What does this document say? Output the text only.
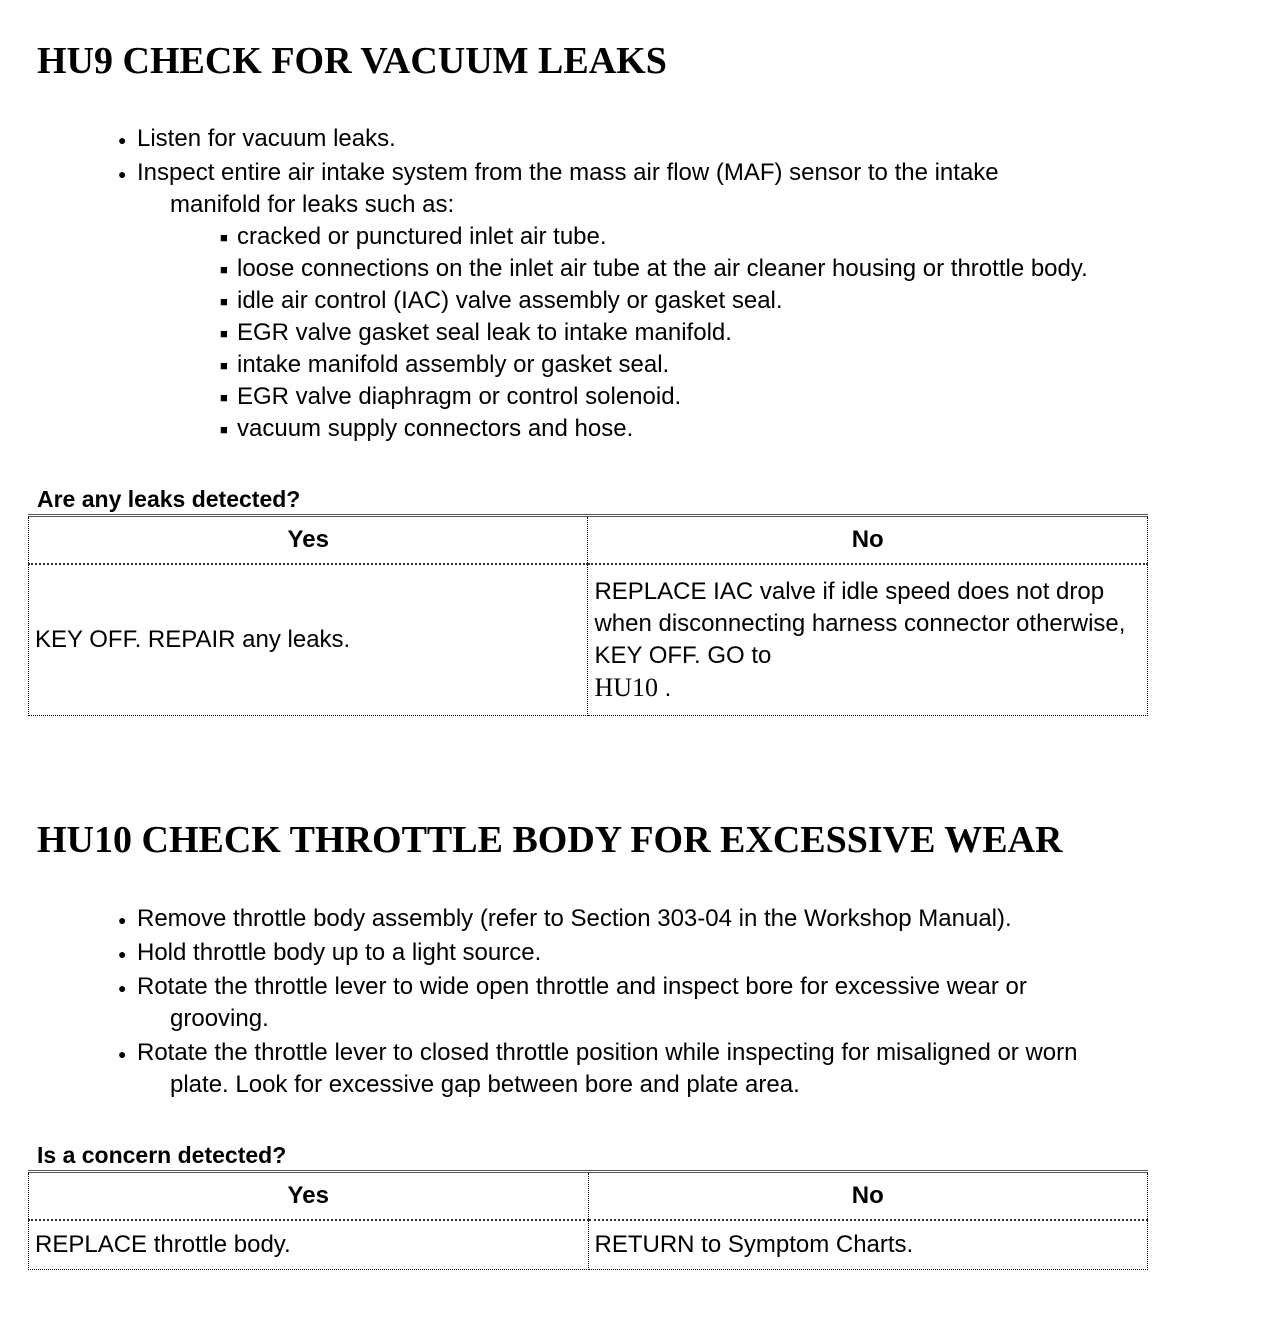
HU9 CHECK FOR VACUUM LEAKS
● Listen for vacuum leaks.
● Inspect entire air intake system from the mass air flow (MAF) sensor to the intake
manifold for leaks such as:
■ cracked or punctured inlet air tube.
■ loose connections on the inlet air tube at the air cleaner housing or throttle body.
■ idle air control (IAC) valve assembly or gasket seal.
■ EGR valve gasket seal leak to intake manifold.
■ intake manifold assembly or gasket seal.
■ EGR valve diaphragm or control solenoid.
■ vacuum supply connectors and hose.
Are any leaks detected?
Yes	No
KEY OFF. REPAIR any leaks.	REPLACE IAC valve if idle speed does not drop when disconnecting harness connector otherwise, KEY OFF. GO to
HU10 .
HU10 CHECK THROTTLE BODY FOR EXCESSIVE WEAR
● Remove throttle body assembly (refer to Section 303-04 in the Workshop Manual).
● Hold throttle body up to a light source.
● Rotate the throttle lever to wide open throttle and inspect bore for excessive wear or
grooving.
● Rotate the throttle lever to closed throttle position while inspecting for misaligned or worn
plate. Look for excessive gap between bore and plate area.
Is a concern detected?
Yes	No
REPLACE throttle body.	RETURN to Symptom Charts.
